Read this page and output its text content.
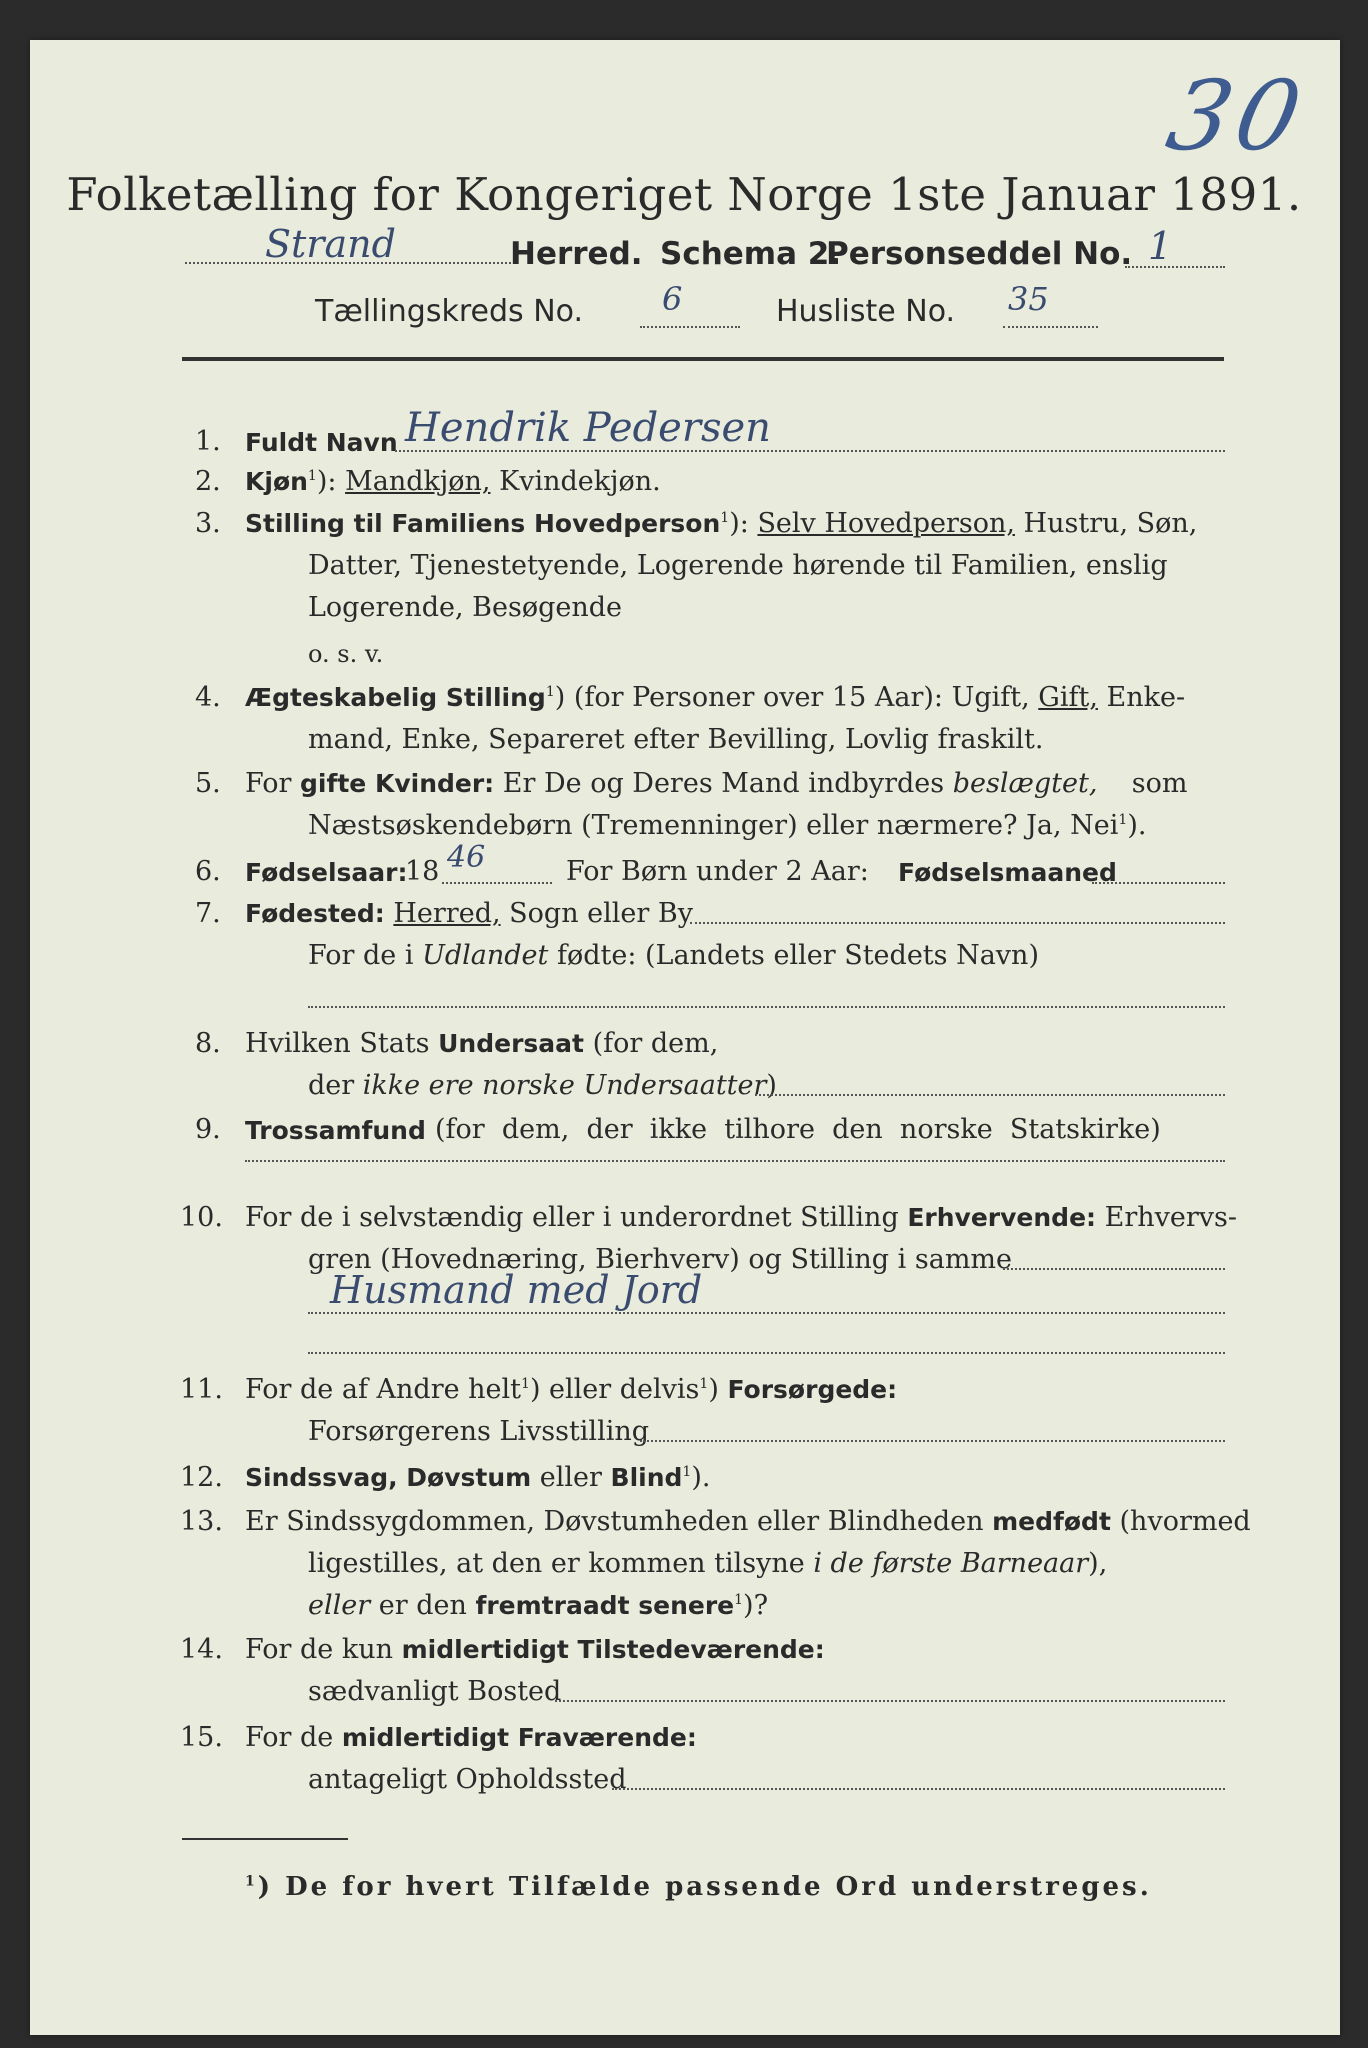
30
Folketælling for Kongeriget Norge 1ste Januar 1891.
Strand	Herred. Schema 2.
Personseddel No. 1
Tællingskreds No. 6	Husliste No. 35
1. Fuldt Navn Hendrik Pedersen
2. Kjøn$^1$): Mandkjøn, Kvindekjøn.
3. Stilling til Familiens Hovedperson$^1$): Selv Hovedperson, Hustru, Søn,
Datter, Tjenestetyende, Logerende hørende til Familien, enslig
Logerende, Besøgende
o. s. v.
4. Ægteskabelig Stilling$^1$) (for Personer over 15 Aar): Ugift, Gift, Enke-
mand, Enke, Separeret efter Bevilling, Lovlig fraskilt.
5. For gifte Kvinder: Er De og Deres Mand indbyrdes beslægtet, som
Næstsøskendebørn (Tremenninger) eller nærmere? Ja, Nei$^1$).
6. Fødselsaar:
18 46	For Børn under 2 Aar: Fødselsmaaned
7. Fødested: Herred, Sogn eller By
For de i Udlandet fødte: (Landets eller Stedets Navn)
8. Hvilken Stats Undersaat (for dem,
der ikke ere norske Undersaatter)
9. Trossamfund (for  dem,  der  ikke  tilhore  den  norske  Statskirke)
10. For de i selvstændig eller i underordnet Stilling Erhvervende: Erhvervs-
gren (Hovednæring, Bierhverv) og Stilling i samme
Husmand med Jord
11. For de af Andre helt$^1$) eller delvis$^1$) Forsørgede:
Forsørgerens Livsstilling
12. Sindssvag, Døvstum eller Blind$^1$).
13. Er Sindssygdommen, Døvstumheden eller Blindheden medfødt (hvormed
ligestilles, at den er kommen tilsyne i de første Barneaar),
eller er den fremtraadt senere$^1$)?
14. For de kun midlertidigt Tilstedeværende:
sædvanligt Bosted
15. For de midlertidigt Fraværende:
antageligt Opholdssted
$^1$) De for hvert Tilfælde passende Ord understreges.
